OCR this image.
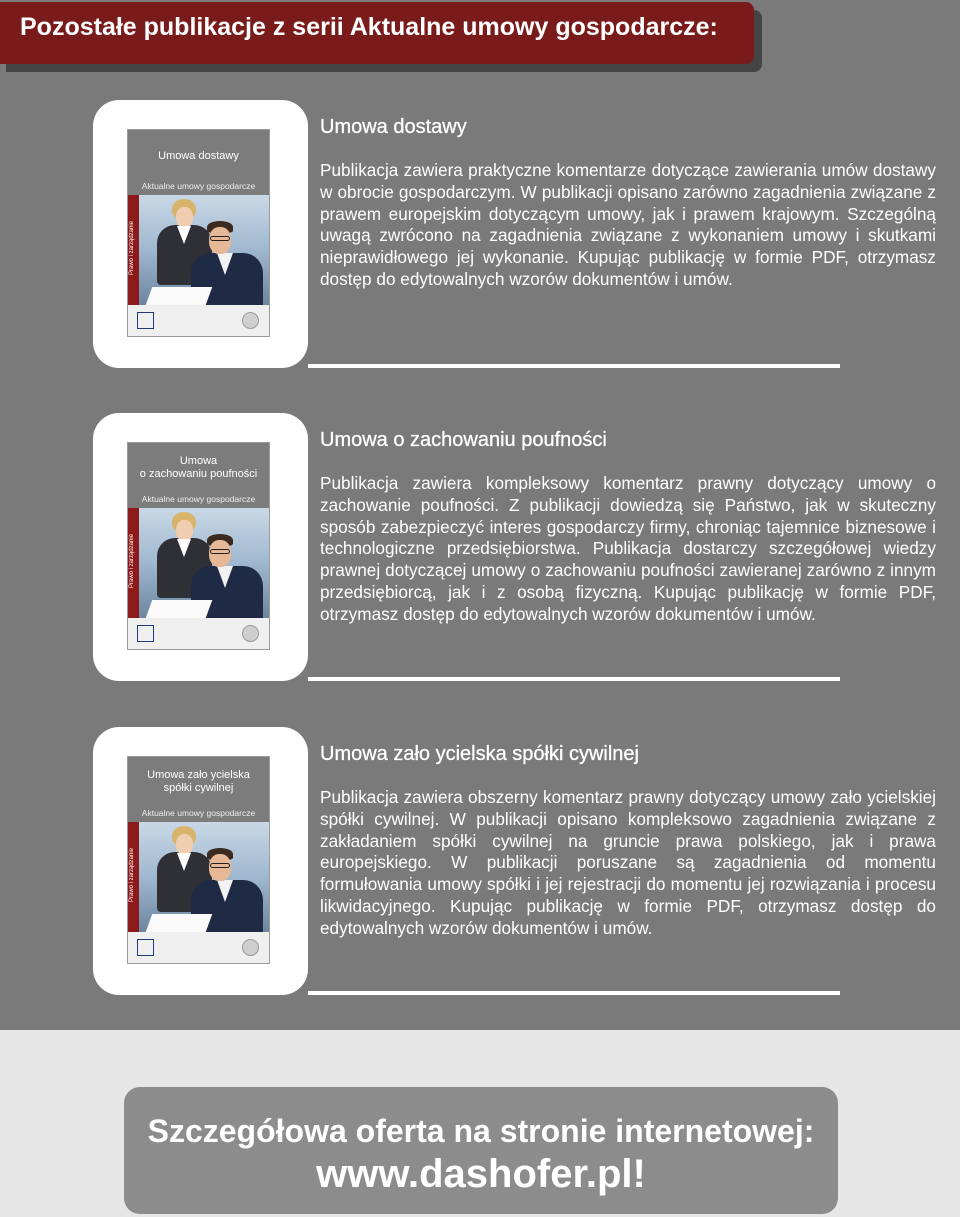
Pozostałe publikacje z serii Aktualne umowy gospodarcze:
Umowa dostawy
Aktualne umowy gospodarcze
Prawo i zarządzanie
Umowa dostawy

Publikacja zawiera praktyczne komentarze dotyczące zawierania umów dostawy w obrocie gospodarczym. W publikacji opisano zarówno zagadnienia związane z prawem europejskim dotyczącym umowy, jak i prawem krajowym. Szczególną uwagą zwrócono na zagadnienia związane z wykonaniem umowy i skutkami nieprawidłowego jej wykonanie. Kupując publikację w formie PDF, otrzymasz dostęp do edytowalnych wzorów dokumentów i umów.

Umowa
o zachowaniu poufności
Aktualne umowy gospodarcze
Prawo i zarządzanie
Umowa o zachowaniu poufności

Publikacja zawiera kompleksowy komentarz prawny dotyczący umowy o zachowanie poufności. Z publikacji dowiedzą się Państwo, jak w skuteczny sposób zabezpieczyć interes gospodarczy firmy, chroniąc tajemnice biznesowe i technologiczne przedsiębiorstwa. Publikacja dostarczy szczegółowej wiedzy prawnej dotyczącej umowy o zachowaniu poufności zawieranej zarówno z innym przedsiębiorcą, jak i z osobą fizyczną. Kupując publikację w formie PDF, otrzymasz dostęp do edytowalnych wzorów dokumentów i umów.

Umowa zało ycielska
spółki cywilnej
Aktualne umowy gospodarcze
Prawo i zarządzanie
Umowa zało ycielska spółki cywilnej

Publikacja zawiera obszerny komentarz prawny dotyczący umowy zało ycielskiej spółki cywilnej. W publikacji opisano kompleksowo zagadnienia związane z zakładaniem spółki cywilnej na gruncie prawa polskiego, jak i prawa europejskiego. W publikacji poruszane są zagadnienia od momentu formułowania umowy spółki i jej rejestracji do momentu jej rozwiązania i procesu likwidacyjnego. Kupując publikację w formie PDF, otrzymasz dostęp do edytowalnych wzorów dokumentów i umów.

Szczegółowa oferta na stronie internetowej:
www.dashofer.pl!
